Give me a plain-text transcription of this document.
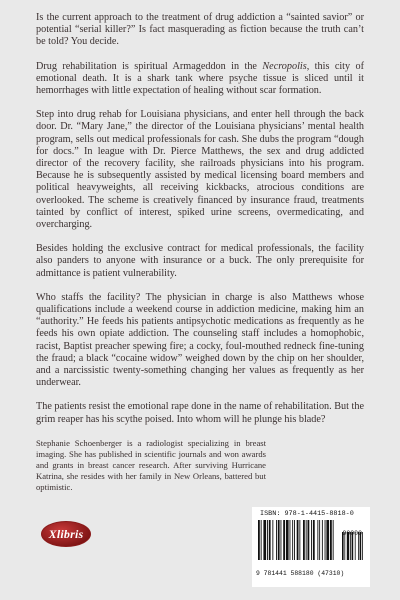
Is the current approach to the treatment of drug addiction a “sainted savior” or potential “serial killer?” Is fact masquerading as fiction because the truth can’t be told? You decide.

Drug rehabilitation is spiritual Armageddon in the Necropolis, this city of emotional death. It is a shark tank where psyche tissue is sliced until it hemorrhages with little expectation of healing without scar formation.

Step into drug rehab for Louisiana physicians, and enter hell through the back door. Dr. “Mary Jane,” the director of the Louisiana physicians’ mental health program, sells out medical professionals for cash. She dubs the program “dough for docs.” In league with Dr. Pierce Matthews, the sex and drug addicted director of the recovery facility, she railroads physicians into his program. Because he is subsequently assisted by medical licensing board members and political heavyweights, all receiving kickbacks, atrocious conditions are overlooked. The scheme is creatively financed by insurance fraud, treatments tainted by conflict of interest, spiked urine screens, overmedicating, and overcharging.

Besides holding the exclusive contract for medical professionals, the facility also panders to anyone with insurance or a buck. The only prerequisite for admittance is patient vulnerability.

Who staffs the facility? The physician in charge is also Matthews whose qualifications include a weekend course in addiction medicine, making him an “authority.” He feeds his patients antipsychotic medications as frequently as he feeds his own opiate addiction. The counseling staff includes a homophobic, racist, Baptist preacher spewing fire; a cocky, foul-mouthed redneck fine-tuning the fraud; a black “cocaine widow” weighed down by the chip on her shoulder, and a narcissistic twenty-something changing her values as frequently as her underwear.

The patients resist the emotional rape done in the name of rehabilitation. But the grim reaper has his scythe poised. Into whom will he plunge his blade?

Stephanie Schoenberger is a radiologist specializing in breast imaging. She has published in scientific journals and won awards and grants in breast cancer research. After surviving Hurricane Katrina, she resides with her family in New Orleans, battered but optimistic.

Xlibris
ISBN: 978-1-4415-8818-0
90000
9 781441 588180 (47310)
